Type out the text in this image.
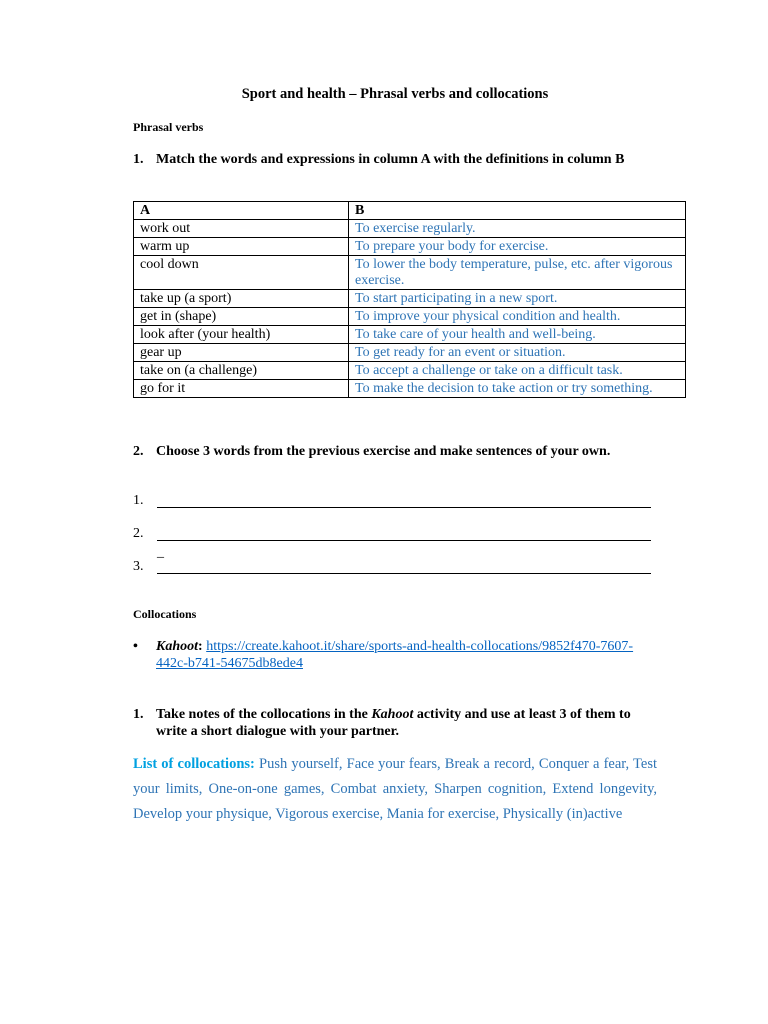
Sport and health – Phrasal verbs and collocations
Phrasal verbs
1. Match the words and expressions in column A with the definitions in column B
A	B
work out	To exercise regularly.
warm up	To prepare your body for exercise.
cool down	To lower the body temperature, pulse, etc. after vigorous exercise.
take up (a sport)	To start participating in a new sport.
get in (shape)	To improve your physical condition and health.
look after (your health)	To take care of your health and well-being.
gear up	To get ready for an event or situation.
take on (a challenge)	To accept a challenge or take on a difficult task.
go for it	To make the decision to take action or try something.
2. Choose 3 words from the previous exercise and make sentences of your own.
1.
2.
_
3.
Collocations
• Kahoot: https://create.kahoot.it/share/sports-and-health-collocations/9852f470-7607-442c-b741-54675db8ede4
1. Take notes of the collocations in the Kahoot activity and use at least 3 of them to write a short dialogue with your partner.
List of collocations: Push yourself, Face your fears, Break a record, Conquer a fear, Test your limits, One-on-one games, Combat anxiety, Sharpen cognition, Extend longevity, Develop your physique, Vigorous exercise, Mania for exercise, Physically (in)active
